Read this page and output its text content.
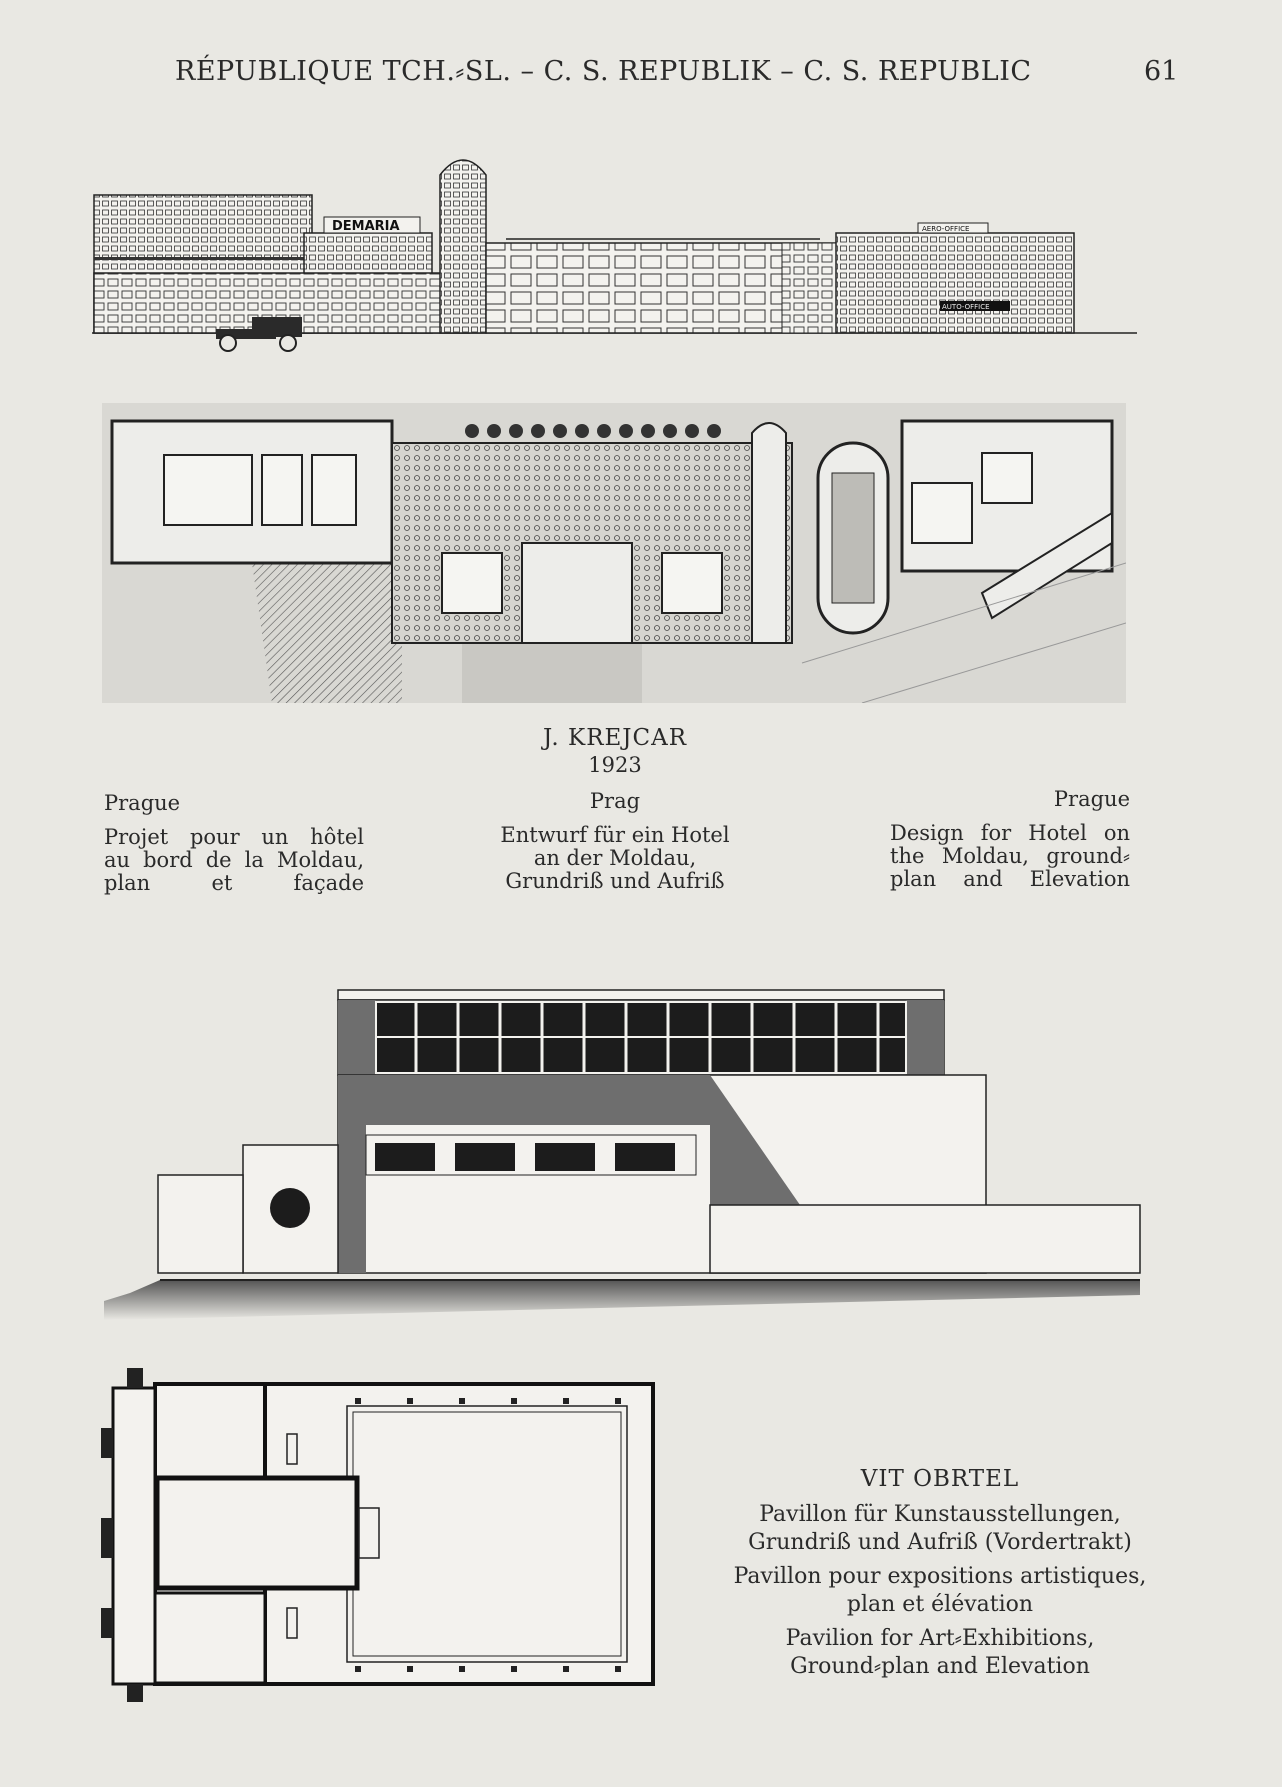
RÉPUBLIQUE TCH.⸗SL. – C. S. REPUBLIK – C. S. REPUBLIC	61
DEMARIA	AERO-OFFICE
AUTO-OFFICE
J. KREJCAR
1923
Prague
Projet pour un hôtel
au bord de la Moldau,
plan et façade
Prag
Entwurf für ein Hotel
an der Moldau,
Grundriß und Aufriß
Prague
Design for Hotel on
the Moldau, ground⸗
plan and Elevation
VIT OBRTEL
Pavillon für Kunstausstellungen,
Grundriß und Aufriß (Vordertrakt)
Pavillon pour expositions artistiques,
plan et élévation
Pavilion for Art⸗Exhibitions,
Ground⸗plan and Elevation
